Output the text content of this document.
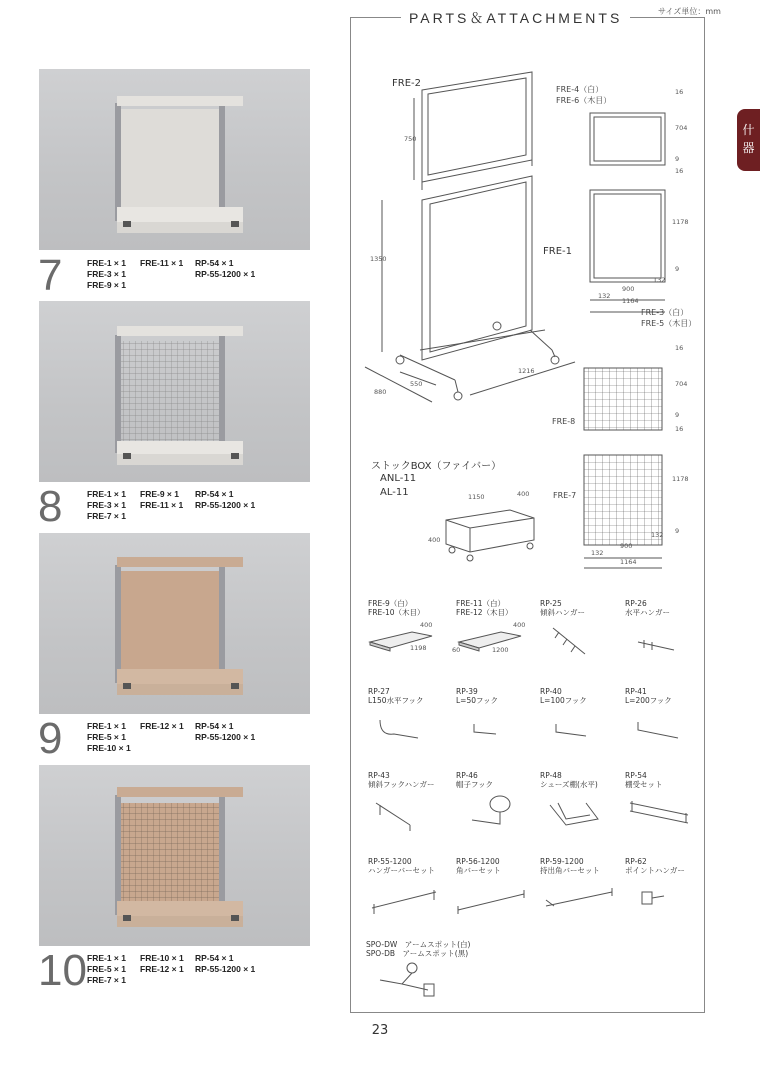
PARTS＆ATTACHMENTS	サイズ単位：mm
什
器
7	FRE-1 × 1 FRE-11 × 1 RP-54 × 1
FRE-3 × 1	RP-55-1200 × 1
FRE-9 × 1
8	FRE-1 × 1 FRE-9 × 1 RP-54 × 1
FRE-3 × 1 FRE-11 × 1 RP-55-1200 × 1
FRE-7 × 1
9	FRE-1 × 1 FRE-12 × 1 RP-54 × 1
FRE-5 × 1	RP-55-1200 × 1
FRE-10 × 1
10 FRE-1 × 1 FRE-10 × 1 RP-54 × 1
FRE-5 × 1 FRE-12 × 1 RP-55-1200 × 1
FRE-7 × 1
FRE-2
FRE-1
FRE-4（白）
FRE-6（木目）
FRE-3（白）
FRE-5（木目）
FRE-8
FRE-7
ストックBOX（ファイバー）
ANL-11
AL-11
750
1350
550
880
1216
16
704
9
16
1178
9
132
900
132
1164
16
704
9
16
1178
9
132
900
132
1164
1150	400
400
FRE-9（白）
FRE-10（木目）
FRE-11（白）
FRE-12（木目）
RP-25
傾斜ハンガー
RP-26
水平ハンガー
400
1198
400
60	1200
RP-27
L150水平フック
RP-39
L=50フック
RP-40
L=100フック
RP-41
L=200フック
RP-43
傾斜フックハンガー
RP-46
帽子フック
RP-48
シューズ棚(水平)
RP-54
棚受セット
RP-55-1200
ハンガーバーセット
RP-56-1200
角バーセット
RP-59-1200
持出角バーセット
RP-62
ポイントハンガー
SPO-DW　アームスポット(白)
SPO-DB　アームスポット(黒)
23
